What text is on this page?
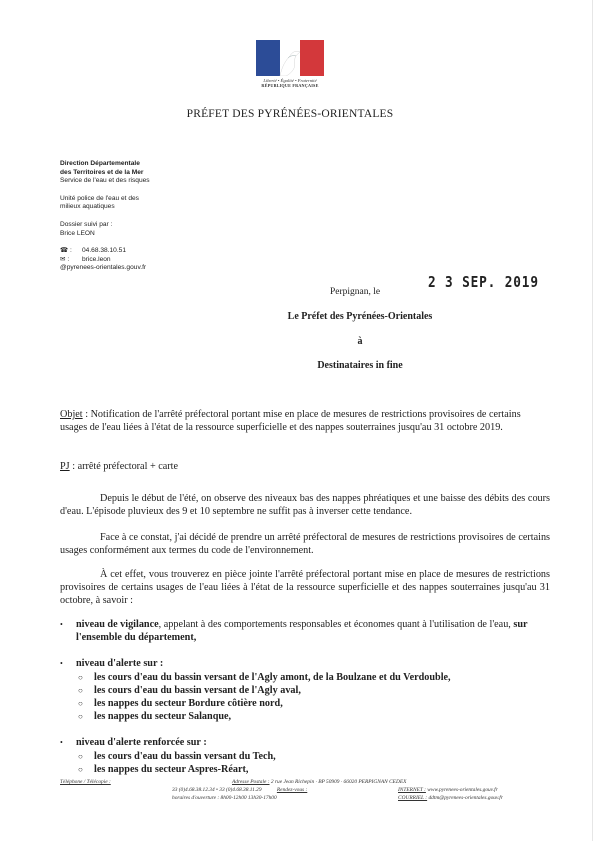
Liberté • Égalité • Fraternité
RÉPUBLIQUE FRANÇAISE
PRÉFET DES PYRÉNÉES-ORIENTALES
Direction Départementale
des Territoires et de la Mer
Service de l'eau et des risques
Unité police de l'eau et des
milieux aquatiques
Dossier suivi par :
Brice LEON
☎ :	04.68.38.10.51
✉ :	brice.leon
@pyrenees-orientales.gouv.fr
Perpignan, le
2 3 SEP. 2019
Le Préfet des Pyrénées-Orientales
à
Destinataires in fine

Objet : Notification de l'arrêté préfectoral portant mise en place de mesures de restrictions provisoires de certains usages de l'eau liées à l'état de la ressource superficielle et des nappes souterraines jusqu'au 31 octobre 2019.

PJ : arrêté préfectoral + carte

Depuis le début de l'été, on observe des niveaux bas des nappes phréatiques et une baisse des débits des cours d'eau. L'épisode pluvieux des 9 et 10 septembre ne suffit pas à inverser cette tendance.

Face à ce constat, j'ai décidé de prendre un arrêté préfectoral de mesures de restrictions provisoires de certains usages conformément aux termes du code de l'environnement.

À cet effet, vous trouverez en pièce jointe l'arrêté préfectoral portant mise en place de mesures de restrictions provisoires de certains usages de l'eau liées à l'état de la ressource superficielle et des nappes souterraines jusqu'au 31 octobre, à savoir :

• niveau de vigilance, appelant à des comportements responsables et économes quant à l'utilisation de l'eau, sur l'ensemble du département,
• niveau d'alerte sur :
○ les cours d'eau du bassin versant de l'Agly amont, de la Boulzane et du Verdouble,
○ les cours d'eau du bassin versant de l'Agly aval,
○ les nappes du secteur Bordure côtière nord,
○ les nappes du secteur Salanque,
• niveau d'alerte renforcée sur :
○ les cours d'eau du bassin versant du Tech,
○ les nappes du secteur Aspres-Réart,
Téléphone / Télécopie :	Adresse Postale : 2 rue Jean Richepin · BP 50909 · 66020 PERPIGNAN CEDEX
33 (0)4.68.38.12.34 • 33 (0)4.68.38.11.29	Rendez-vous :
horaires d'ouverture : 8h00-12h00 13h30-17h00
INTERNET : www.pyrenees-orientales.gouv.fr
COURRIEL : ddtm@pyrenees-orientales.gouv.fr
